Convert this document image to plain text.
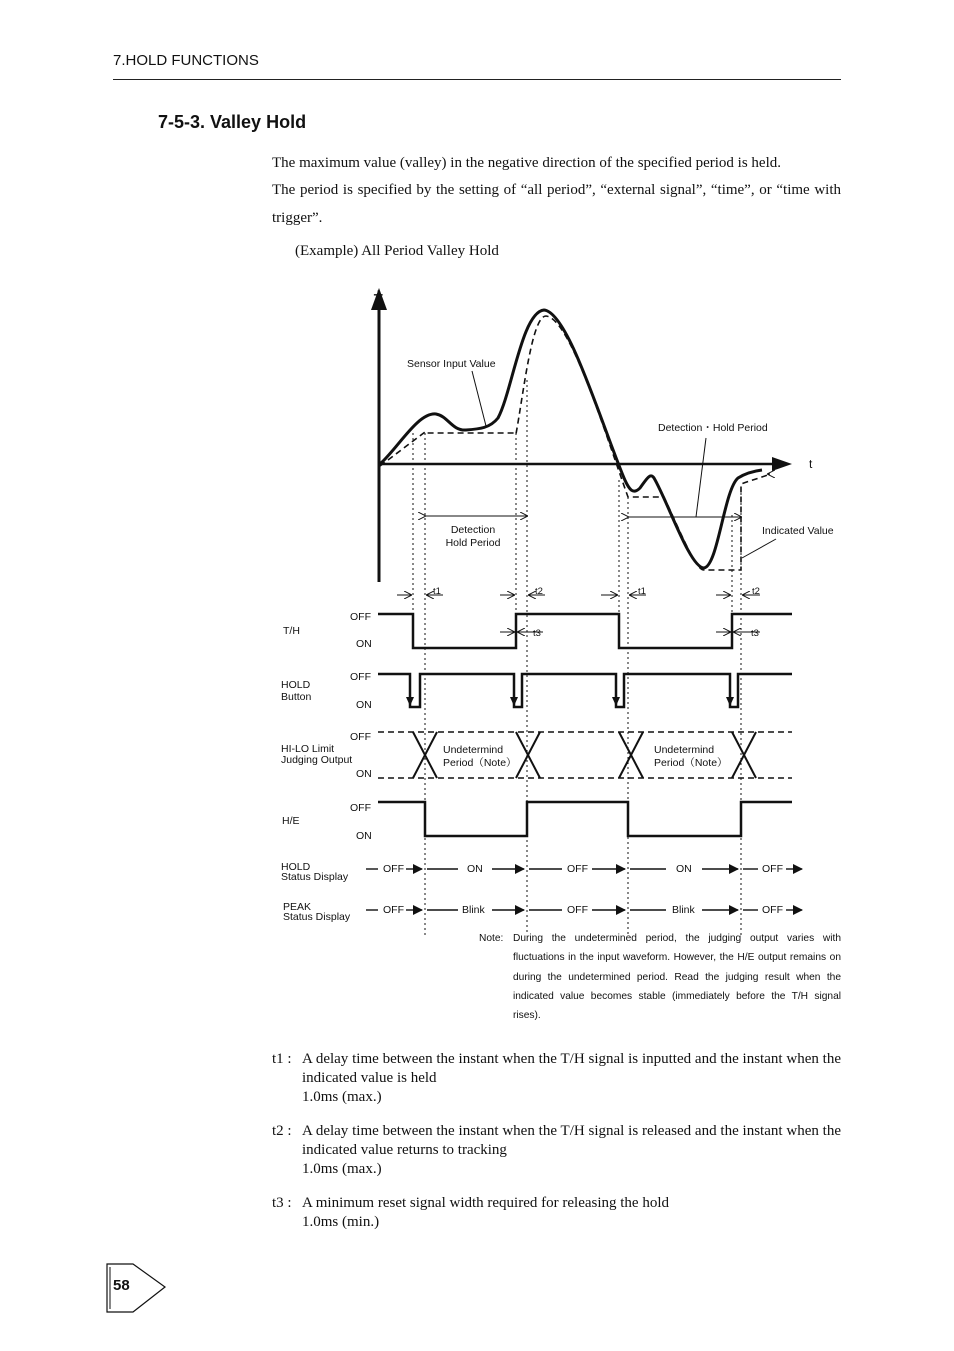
7.HOLD FUNCTIONS
7-5-3. Valley Hold

The maximum value (valley) in the negative direction of the specified period is held.

The period is specified by the setting of “all period”, “external signal”, “time”, or “time with trigger”.

(Example) All Period Valley Hold
+
t
Sensor Input Value
Detection
Hold Period
Detection・Hold Period
Indicated Value
t1	t2	t1	t2
T/H
OFF
ON
t3	t3
HOLD
Button
OFF
ON
HI-LO Limit
Judging Output
OFF
ON
Undetermind
Period（Note）
Undetermind
Period（Note）
H/E
OFF
ON
HOLD
Status Display
OFF	ON	OFF	ON	OFF
PEAK
Status Display
OFF	Blink	OFF	Blink	OFF
Note: During the undetermined period, the judging output varies with fluctuations in the input waveform. However, the H/E output remains on during the undetermined period. Read the judging result when the indicated value becomes stable (immediately before the T/H signal rises).
t1 : A delay time between the instant when the T/H signal is inputted and the instant when the indicated value is held
1.0ms (max.)
t2 : A delay time between the instant when the T/H signal is released and the instant when the indicated value returns to tracking
1.0ms (max.)
t3 : A minimum reset signal width required for releasing the hold
1.0ms (min.)
58
